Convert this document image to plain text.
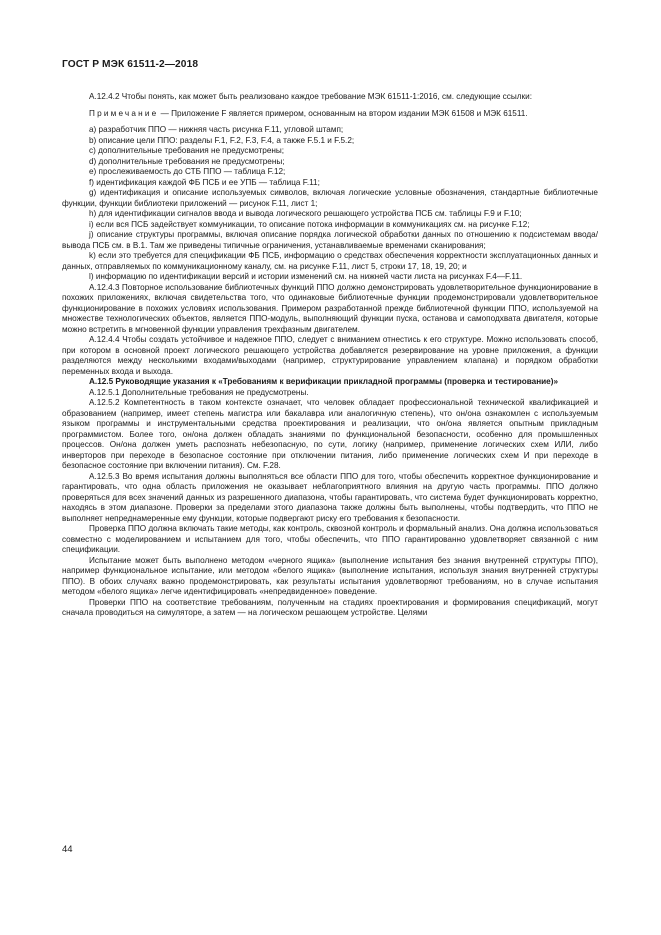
ГОСТ Р МЭК 61511-2—2018

А.12.4.2 Чтобы понять, как может быть реализовано каждое требование МЭК 61511-1:2016, см. следующие ссылки:

Примечание — Приложение F является примером, основанным на втором издании МЭК 61508 и МЭК 61511.

а) разработчик ППО — нижняя часть рисунка F.11, угловой штамп;

b) описание цели ППО: разделы F.1, F.2, F.3, F.4, а также F.5.1 и F.5.2;

c) дополнительные требования не предусмотрены;

d) дополнительные требования не предусмотрены;

e) прослеживаемость до СТБ ППО — таблица F.12;

f) идентификация каждой ФБ ПСБ и ее УПБ — таблица F.11;

g) идентификация и описание используемых символов, включая логические условные обозначения, стандартные библиотечные функции, функции библиотеки приложений — рисунок F.11, лист 1;

h) для идентификации сигналов ввода и вывода логического решающего устройства ПСБ см. таблицы F.9 и F.10;

i) если вся ПСБ задействует коммуникации, то описание потока информации в коммуникациях см. на рисунке F.12;

j) описание структуры программы, включая описание порядка логической обработки данных по отношению к подсистемам ввода/вывода ПСБ см. в В.1. Там же приведены типичные ограничения, устанавливаемые временами сканирования;

k) если это требуется для спецификации ФБ ПСБ, информацию о средствах обеспечения корректности эксплуатационных данных и данных, отправляемых по коммуникационному каналу, см. на рисунке F.11, лист 5, строки 17, 18, 19, 20; и

l) информацию по идентификации версий и истории изменений см. на нижней части листа на рисунках F.4—F.11.

А.12.4.3 Повторное использование библиотечных функций ППО должно демонстрировать удовлетворительное функционирование в похожих приложениях, включая свидетельства того, что одинаковые библиотечные функции продемонстрировали удовлетворительное функционирование в похожих условиях использования. Примером разработанной прежде библиотечной функции ППО, используемой на множестве технологических объектов, является ППО-модуль, выполняющий функции пуска, останова и самоподхвата двигателя, которые можно встретить в мгновенной функции управления трехфазным двигателем.

А.12.4.4 Чтобы создать устойчивое и надежное ППО, следует с вниманием отнестись к его структуре. Можно использовать способ, при котором в основной проект логического решающего устройства добавляется резервирование на уровне приложения, а функции разделяются между несколькими входами/выходами (например, структурирование управлением клапана) и порядком обработки переменных входа и выхода.

А.12.5 Руководящие указания к «Требованиям к верификации прикладной программы (проверка и тестирование)»

А.12.5.1 Дополнительные требования не предусмотрены.

А.12.5.2 Компетентность в таком контексте означает, что человек обладает профессиональной технической квалификацией и образованием (например, имеет степень магистра или бакалавра или аналогичную степень), что он/она ознакомлен с используемым языком программы и инструментальными средства проектирования и реализации, что он/она является опытным прикладным программистом. Более того, он/она должен обладать знаниями по функциональной безопасности, особенно для промышленных процессов. Он/она должен уметь распознать небезопасную, по сути, логику (например, применение логических схем ИЛИ, либо инверторов при переходе в безопасное состояние при отключении питания, либо применение логических схем И при переходе в безопасное состояние при включении питания). См. F.28.

А.12.5.3 Во время испытания должны выполняться все области ППО для того, чтобы обеспечить корректное функционирование и гарантировать, что одна область приложения не оказывает неблагоприятного влияния на другую часть программы. ППО должно проверяться для всех значений данных из разрешенного диапазона, чтобы гарантировать, что система будет функционировать корректно, находясь в этом диапазоне. Проверки за пределами этого диапазона также должны быть выполнены, чтобы подтвердить, что ППО не выполняет непреднамеренные ему функции, которые подвергают риску его требования к безопасности.

Проверка ППО должна включать такие методы, как контроль, сквозной контроль и формальный анализ. Она должна использоваться совместно с моделированием и испытанием для того, чтобы обеспечить, что ППО гарантированно удовлетворяет связанной с ним спецификации.

Испытание может быть выполнено методом «черного ящика» (выполнение испытания без знания внутренней структуры ППО), например функциональное испытание, или методом «белого ящика» (выполнение испытания, используя знания внутренней структуры ППО). В обоих случаях важно продемонстрировать, как результаты испытания удовлетворяют требованиям, но в случае испытания методом «белого ящика» легче идентифицировать «непредвиденное» поведение.

Проверки ППО на соответствие требованиям, полученным на стадиях проектирования и формирования спецификаций, могут сначала проводиться на симуляторе, а затем — на логическом решающем устройстве. Целями

44
